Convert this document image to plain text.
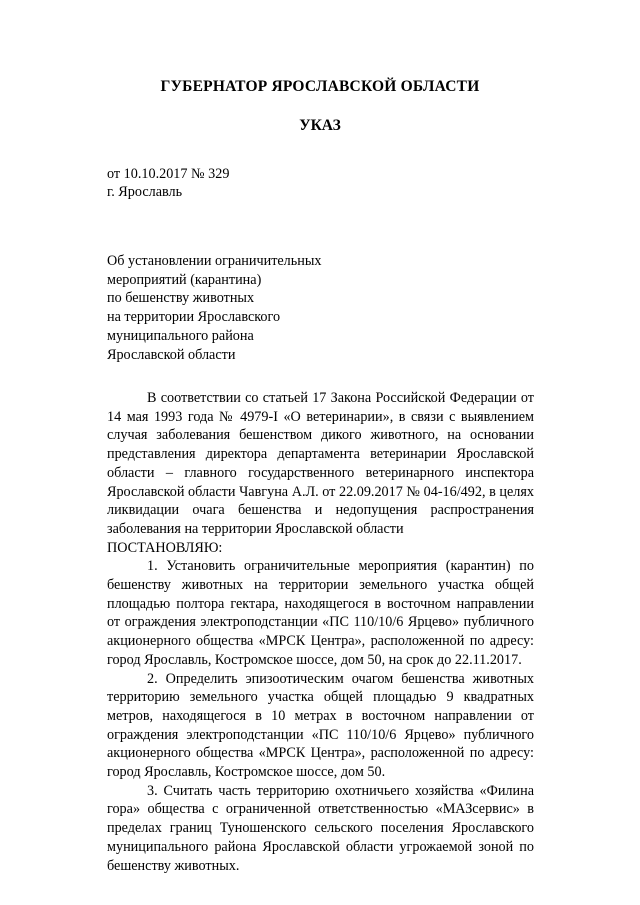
ГУБЕРНАТОР ЯРОСЛАВСКОЙ ОБЛАСТИ
УКАЗ
от 10.10.2017 № 329
г. Ярославль
Об установлении ограничительных
мероприятий (карантина)
по бешенству животных
на территории Ярославского
муниципального района
Ярославской области
В соответствии со статьей 17 Закона Российской Федерации от 14 мая 1993 года № 4979-I «О ветеринарии», в связи с выявлением случая заболевания бешенством дикого животного, на основании представления директора департамента ветеринарии Ярославской области – главного государственного ветеринарного инспектора Ярославской области Чавгуна А.Л. от 22.09.2017 № 04-16/492, в целях ликвидации очага бешенства и недопущения распространения заболевания на территории Ярославской области
ПОСТАНОВЛЯЮ:
1. Установить ограничительные мероприятия (карантин) по бешенству животных на территории земельного участка общей площадью полтора гектара, находящегося в восточном направлении от ограждения электроподстанции «ПС 110/10/6 Ярцево» публичного акционерного общества «МРСК Центра», расположенной по адресу: город Ярославль, Костромское шоссе, дом 50, на срок до 22.11.2017.
2. Определить эпизоотическим очагом бешенства животных территорию земельного участка общей площадью 9 квадратных метров, находящегося в 10 метрах в восточном направлении от ограждения электроподстанции «ПС 110/10/6 Ярцево» публичного акционерного общества «МРСК Центра», расположенной по адресу: город Ярославль, Костромское шоссе, дом 50.
3. Считать часть территорию охотничьего хозяйства «Филина гора» общества с ограниченной ответственностью «МАЗсервис» в пределах границ Туношенского сельского поселения Ярославского муниципального района Ярославской области угрожаемой зоной по бешенству животных.
